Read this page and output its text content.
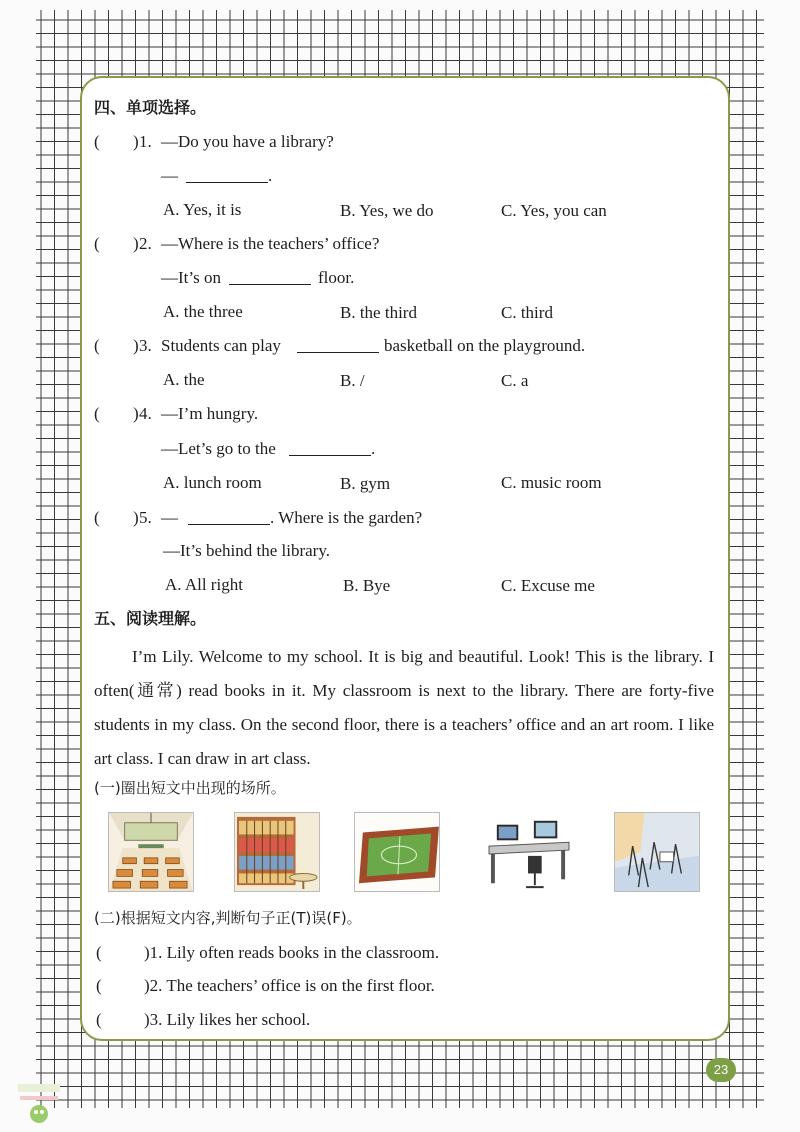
四、单项选择。
( ) 1. —Do you have a library?
—	.
A. Yes, it is	B. Yes, we do	C. Yes, you can
( ) 2. —Where is the teachers’ office?
—It’s on	floor.
A. the three	B. the third	C. third
( ) 3. Students can play	basketball on the playground.
A. the	B. /	C. a
( ) 4. —I’m hungry.
—Let’s go to the	.
A. lunch room	B. gym	C. music room
( ) 5. —	. Where is the garden?
—It’s behind the library.
A. All right	B. Bye	C. Excuse me
五、阅读理解。

I’m Lily. Welcome to my school. It is big and beautiful. Look! This is the library. I often(通常) read books in it. My classroom is next to the library. There are forty-five students in my class. On the second floor, there is a teachers’ office and an art room. I like art class. I can draw in art class.

(一)圈出短文中出现的场所。
(二)根据短文内容,判断句子正(T)误(F)。
( )1. Lily often reads books in the classroom.
( )2. The teachers’ office is on the first floor.
( )3. Lily likes her school.
23
